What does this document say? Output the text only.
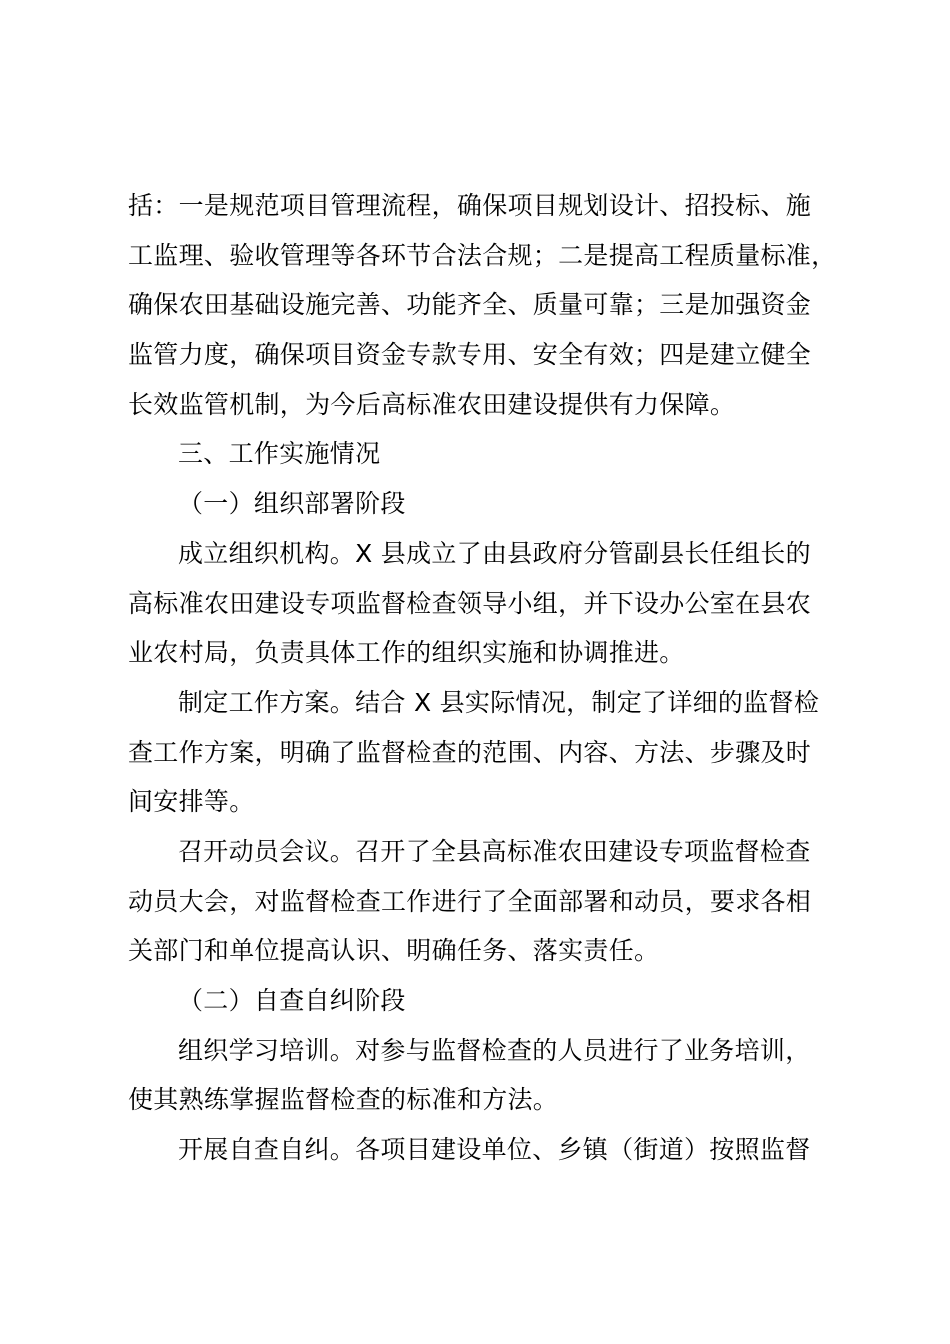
括：一是规范项目管理流程，确保项目规划设计、招投标、施
工监理、验收管理等各环节合法合规；二是提高工程质量标准，
确保农田基础设施完善、功能齐全、质量可靠；三是加强资金
监管力度，确保项目资金专款专用、安全有效；四是建立健全
长效监管机制，为今后高标准农田建设提供有力保障。
三、工作实施情况
（一）组织部署阶段
成立组织机构。X 县成立了由县政府分管副县长任组长的
高标准农田建设专项监督检查领导小组，并下设办公室在县农
业农村局，负责具体工作的组织实施和协调推进。
制定工作方案。结合 X 县实际情况，制定了详细的监督检
查工作方案，明确了监督检查的范围、内容、方法、步骤及时
间安排等。
召开动员会议。召开了全县高标准农田建设专项监督检查
动员大会，对监督检查工作进行了全面部署和动员，要求各相
关部门和单位提高认识、明确任务、落实责任。
（二）自查自纠阶段
组织学习培训。对参与监督检查的人员进行了业务培训，
使其熟练掌握监督检查的标准和方法。
开展自查自纠。各项目建设单位、乡镇（街道）按照监督
